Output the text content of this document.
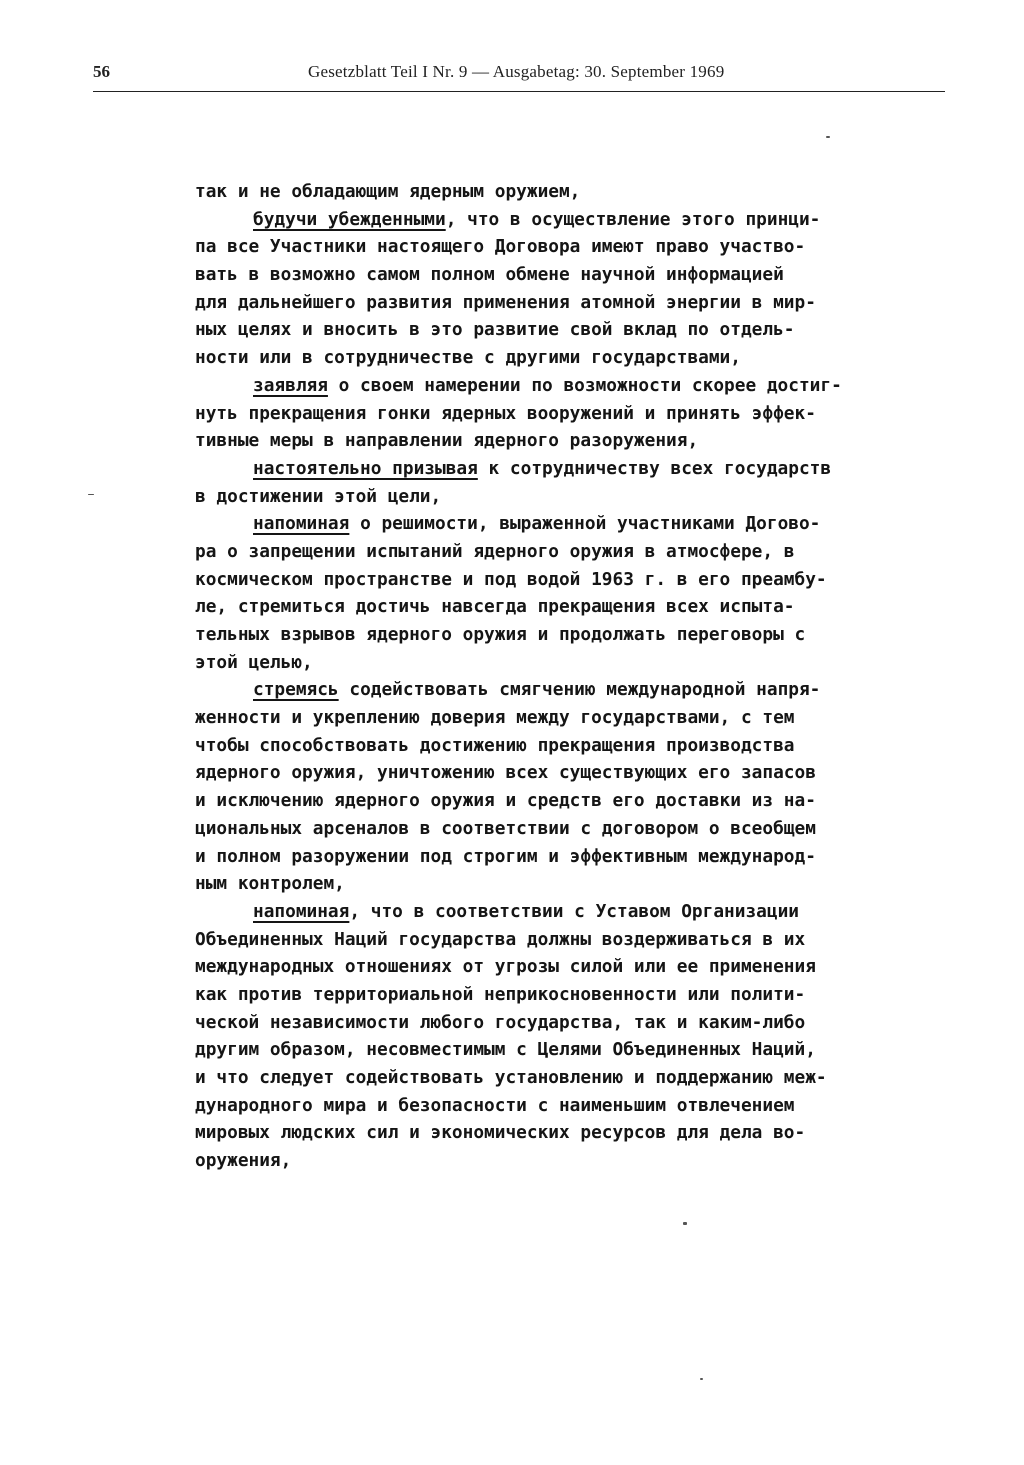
56	Gesetzblatt Teil I Nr. 9 — Ausgabetag: 30. September 1969
так и не обладающим ядерным оружием,
будучи убежденными, что в осуществление этого принци-
па все Участники настоящего Договора имеют право участво-
вать в возможно самом полном обмене научной информацией
для дальнейшего развития применения атомной энергии в мир-
ных целях и вносить в это развитие свой вклад по отдель-
ности или в сотрудничестве с другими государствами,
заявляя о своем намерении по возможности скорее достиг-
нуть прекращения гонки ядерных вооружений и принять эффек-
тивные меры в направлении ядерного разоружения,
настоятельно призывая к сотрудничеству всех государств
в достижении этой цели,
напоминая о решимости, выраженной участниками Догово-
ра о запрещении испытаний ядерного оружия в атмосфере, в
космическом пространстве и под водой 1963 г. в его преамбу-
ле, стремиться достичь навсегда прекращения всех испыта-
тельных взрывов ядерного оружия и продолжать переговоры с
этой целью,
стремясь содействовать смягчению международной напря-
женности и укреплению доверия между государствами, с тем
чтобы способствовать достижению прекращения производства
ядерного оружия, уничтожению всех существующих его запасов
и исключению ядерного оружия и средств его доставки из на-
циональных арсеналов в соответствии с договором о всеобщем
и полном разоружении под строгим и эффективным международ-
ным контролем,
напоминая, что в соответствии с Уставом Организации
Объединенных Наций государства должны воздерживаться в их
международных отношениях от угрозы силой или ее применения
как против территориальной неприкосновенности или полити-
ческой независимости любого государства, так и каким-либо
другим образом, несовместимым с Целями Объединенных Наций,
и что следует содействовать установлению и поддержанию меж-
дународного мира и безопасности с наименьшим отвлечением
мировых людских сил и экономических ресурсов для дела во-
оружения,
